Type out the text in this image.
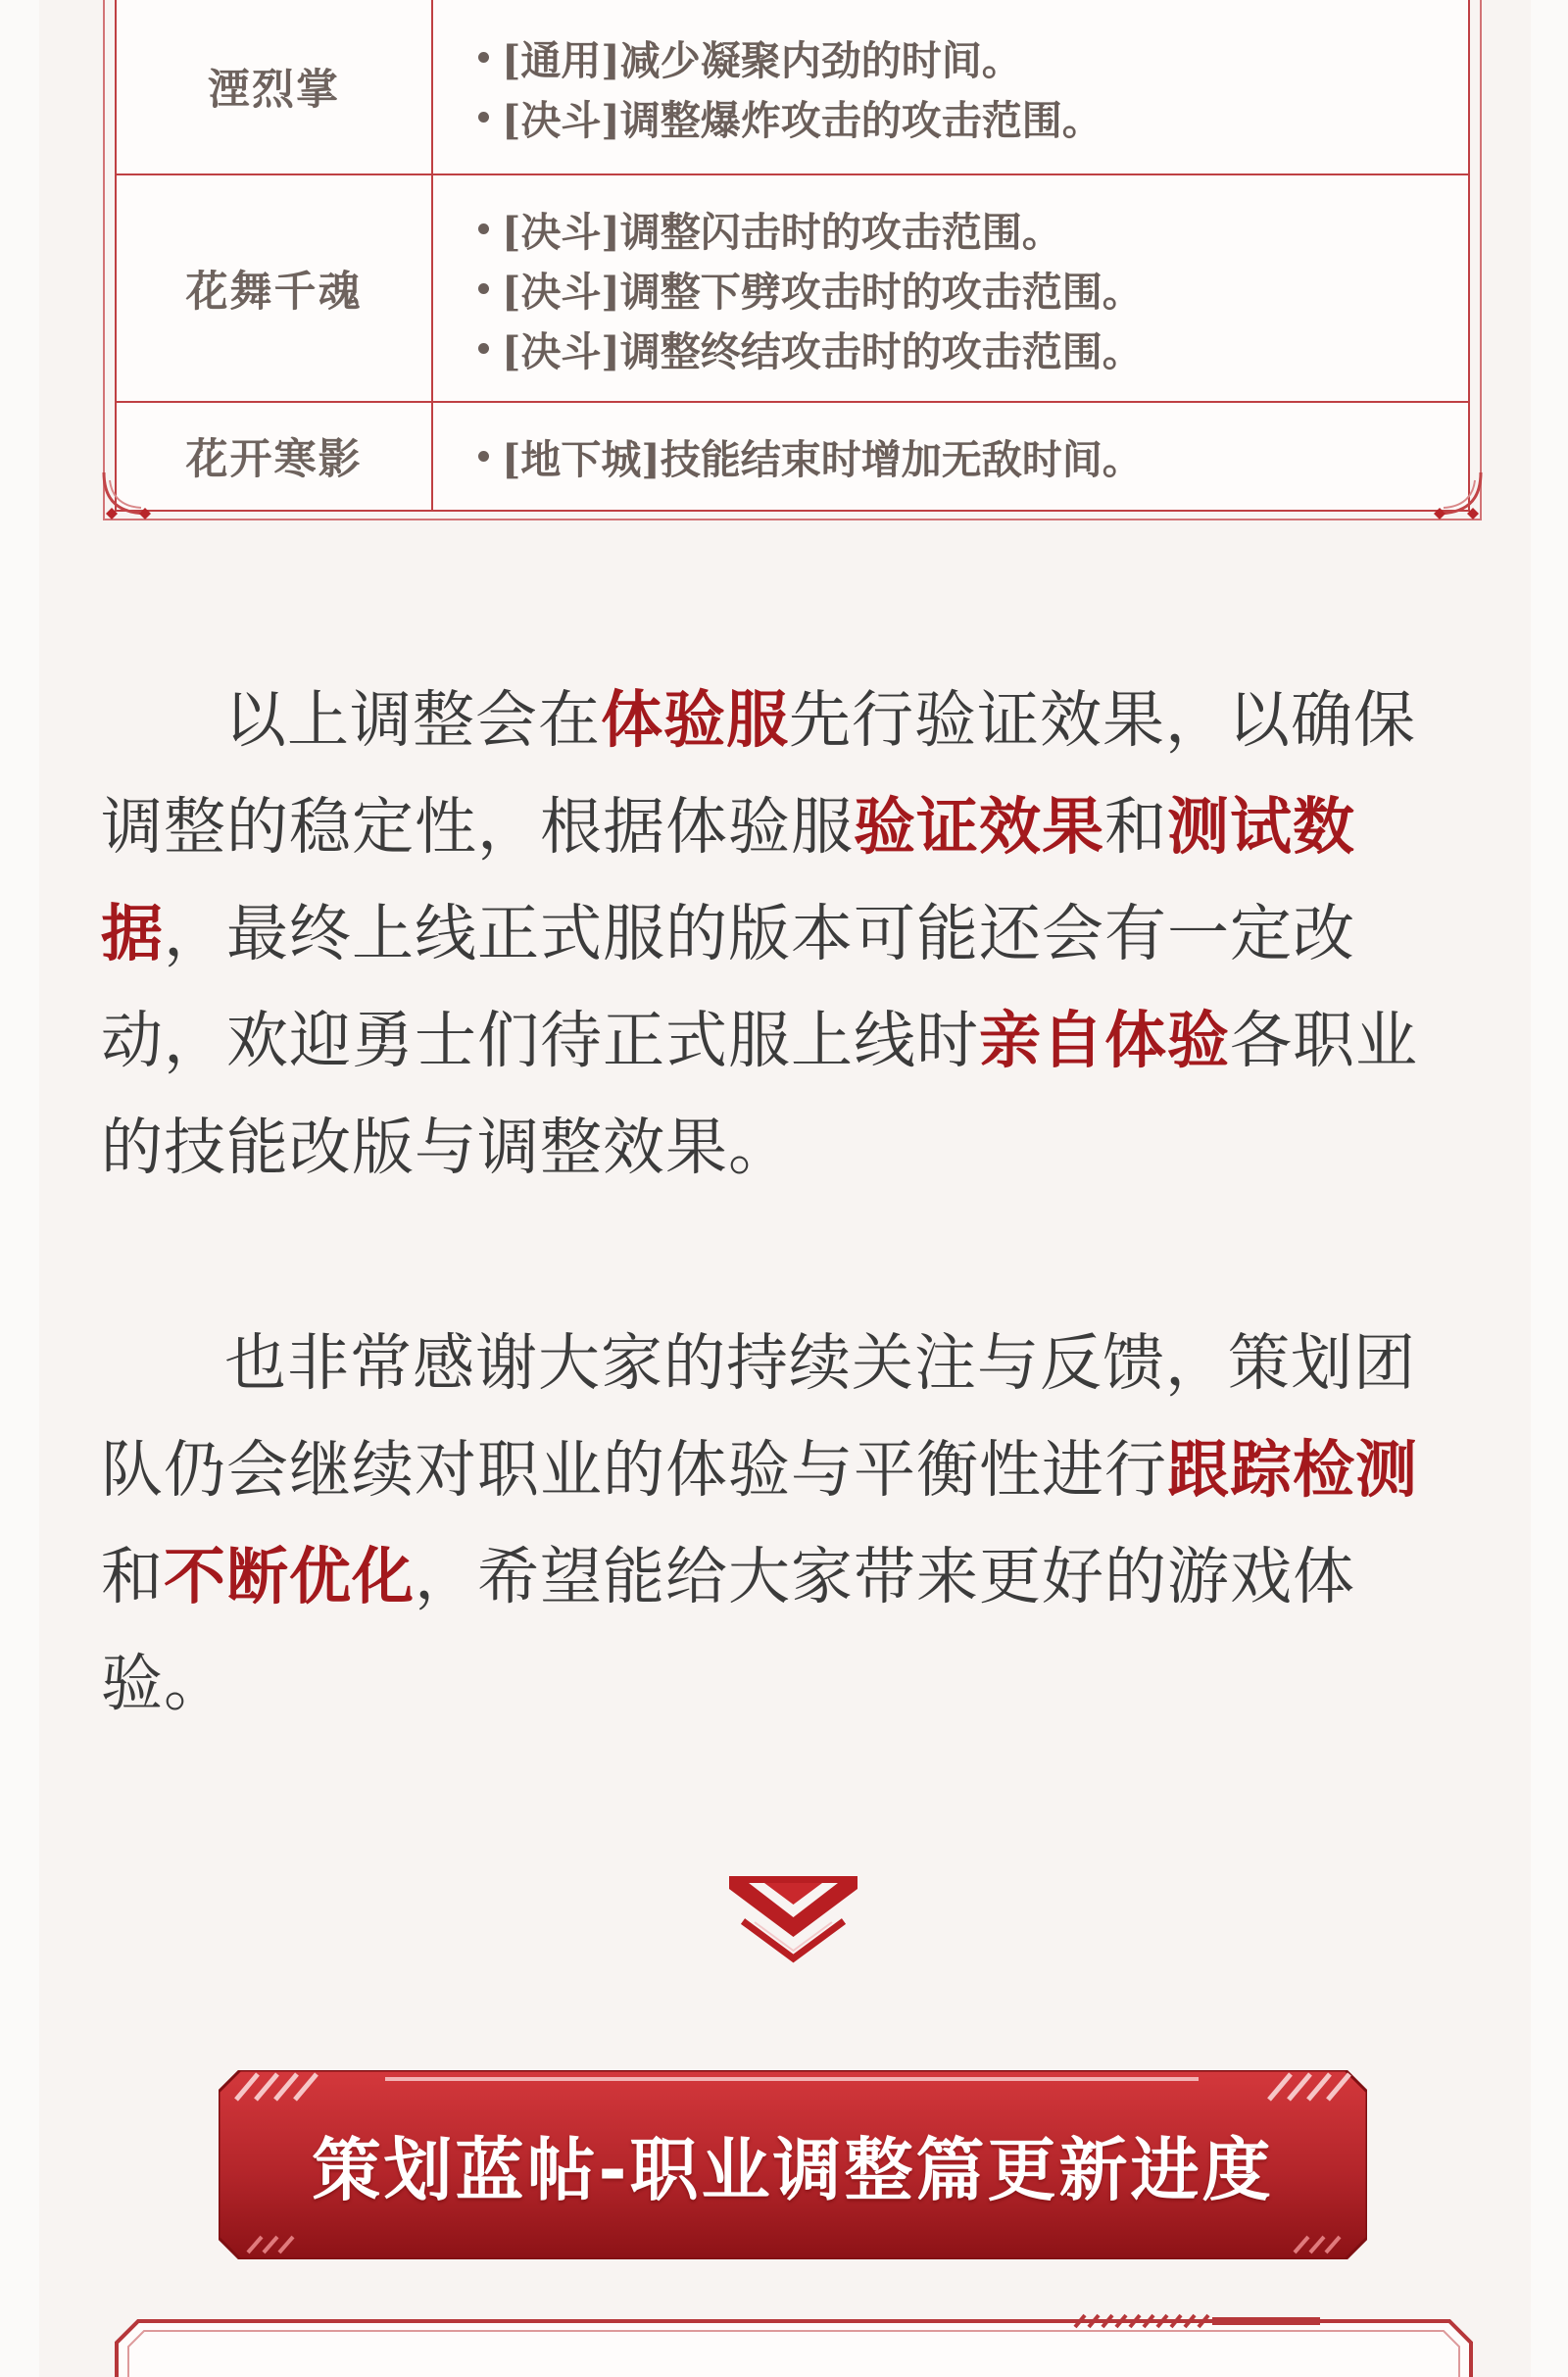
湮烈掌	[通用]减少凝聚内劲的时间。
[决斗]调整爆炸攻击的攻击范围。

花舞千魂	[决斗]调整闪击时的攻击范围。
[决斗]调整下劈攻击时的攻击范围。
[决斗]调整终结攻击时的攻击范围。

花开寒影	[地下城]技能结束时增加无敌时间。

以上调整会在体验服先行验证效果，以确保调整的稳定性，根据体验服验证效果和测试数据，最终上线正式服的版本可能还会有一定改动，欢迎勇士们待正式服上线时亲自体验各职业的技能改版与调整效果。

也非常感谢大家的持续关注与反馈，策划团队仍会继续对职业的体验与平衡性进行跟踪检测和不断优化，希望能给大家带来更好的游戏体验。

策划蓝帖-职业调整篇更新进度
